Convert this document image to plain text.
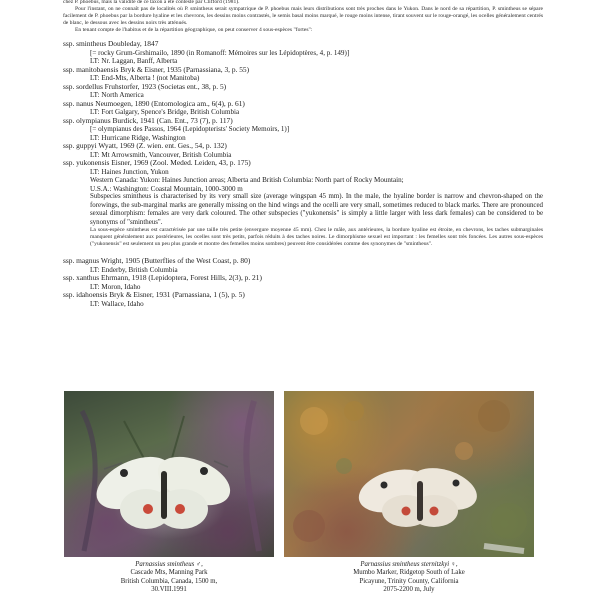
chez P. phoebus, mais la validité de ce taxon a été contesté par Clifford (1981).

Pour l'instant, on ne connaît pas de localités où P. smintheus serait sympatrique de P. phoebus mais leurs distributions sont très proches dans le Yukon. Dans le nord de sa répartition, P. smintheus se sépare facilement de P. phoebus par la bordure hyaline et les chevrons, les dessins moins contrastés, le semis basal moins marqué, le rouge moins intense, tirant souvent sur le rouge-orangé, les ocelles généralement centrés de blanc, le dessous avec les dessins noirs très atténués.

En tenant compte de l'habitus et de la répartition géographique, on peut conserver 4 sous-espèces "fortes":

ssp. smintheus Doubleday, 1847
[= rocky Grum-Grshimailo, 1890 (in Romanoff: Mémoires sur les Lépidoptères, 4, p. 149)]
LT: Nr. Laggan, Banff, Alberta
ssp. manitobaensis Bryk & Eisner, 1935 (Parnassiana, 3, p. 55)
LT: End-Mts, Alberta ! (not Manitoba)
ssp. sordellus Fruhstorfer, 1923 (Societas ent., 38, p. 5)
LT: North America
ssp. nanus Neumoegen, 1890 (Entomologica am., 6(4), p. 61)
LT: Fort Galgary, Spence's Bridge, British Columbia
ssp. olympianus Burdick, 1941 (Can. Ent., 73 (7), p. 117)
[= olympianus des Passos, 1964 (Lepidopterists' Society Memoirs, 1)]
LT: Hurricane Ridge, Washington
ssp. guppyi Wyatt, 1969 (Z. wien. ent. Ges., 54, p. 132)
LT: Mt Arrowsmith, Vancouver, British Columbia
ssp. yukonensis Eisner, 1969 (Zool. Meded. Leiden, 43, p. 175)
LT: Haines Junction, Yukon
Western Canada: Yukon: Haines Junction areas; Alberta and British Columbia: North part of Rocky Mountain;
U.S.A.: Washington: Coastal Mountain, 1000-3000 m
Subspecies smintheus is characterised by its very small size (average wingspan 45 mm). In the male, the hyaline border is narrow and chevron-shaped on the forewings, the sub-marginal marks are generally missing on the hind wings and the ocelli are very small, sometimes reduced to black marks. There are pronounced sexual dimorphism: females are very dark coloured. The other subspecies ("yukonensis" is simply a little larger with less dark females) can be considered to be synonyms of "smintheus".
La sous-espèce smintheus est caractérisée par une taille très petite (envergure moyenne 45 mm). Chez le mâle, aux antérieures, la bordure hyaline est étroite, en chevrons, les taches submarginales manquent généralement aux postérieures, les ocelles sont très petits, parfois réduits à des taches noires. Le dimorphisme sexuel est important : les femelles sont très foncées. Les autres sous-espèces ("yukonensis" est seulement un peu plus grande et montre des femelles moins sombres) peuvent être considérées comme des synonymes de "smintheus".
ssp. magnus Wright, 1905 (Butterflies of the West Coast, p. 80)
LT: Enderby, British Columbia
ssp. xanthus Ehrmann, 1918 (Lepidoptera, Forest Hills, 2(3), p. 21)
LT: Moron, Idaho
ssp. idahoensis Bryk & Eisner, 1931 (Parnassiana, 1 (5), p. 5)
LT: Wallace, Idaho
Parnassius smintheus ♂,
Cascade Mts, Manning Park
British Columbia, Canada, 1500 m,
30.VIII.1991
Parnassius smintheus sternitzkyi ♀,
Mumbo Marker, Ridgetop South of Lake
Picayune, Trinity County, California
2075-2200 m, July
